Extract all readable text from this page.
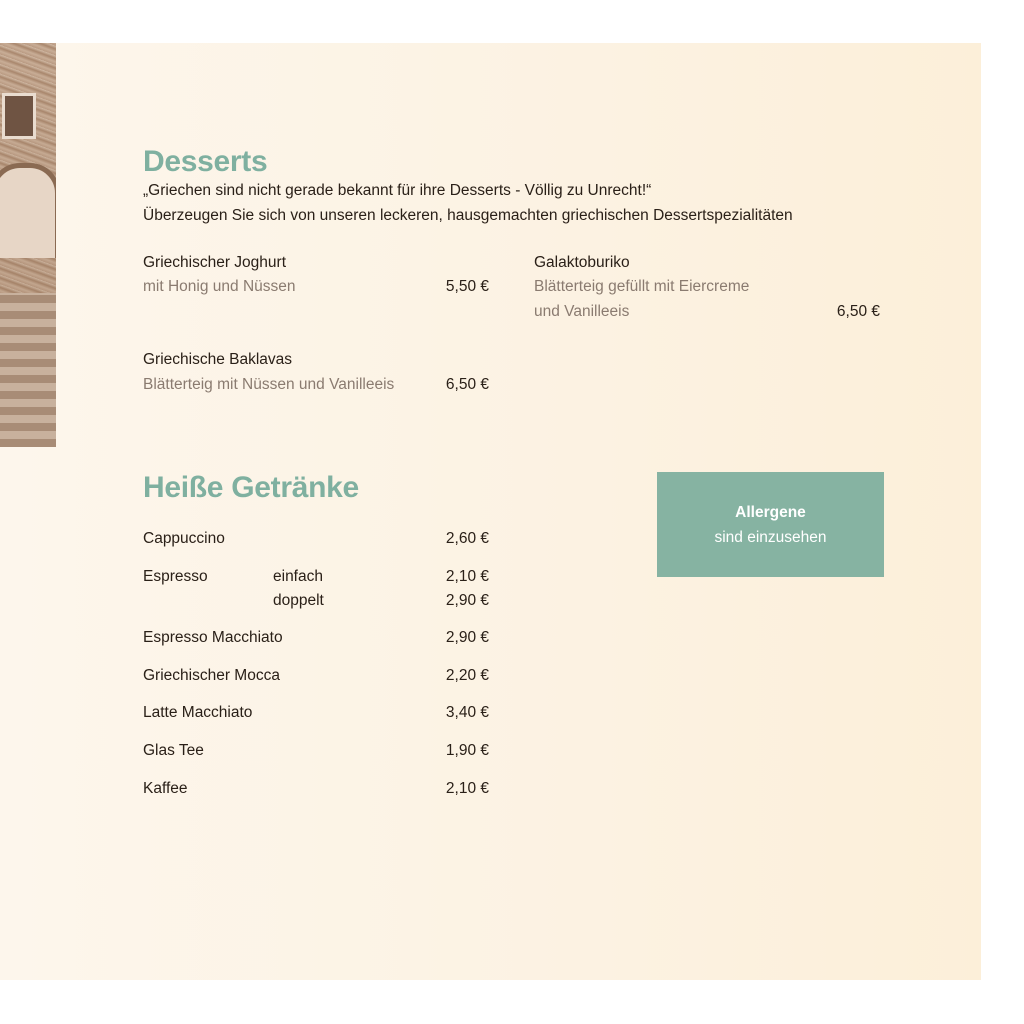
Desserts

„Griechen sind nicht gerade bekannt für ihre Desserts - Völlig zu Unrecht!“

Überzeugen Sie sich von unseren leckeren, hausgemachten griechischen Dessertspezialitäten

Griechischer Joghurt

mit Honig und Nüssen	5,50 €

Galaktoburiko

Blätterteig gefüllt mit Eiercreme

und Vanilleeis	6,50 €

Griechische Baklavas

Blätterteig mit Nüssen und Vanilleeis	6,50 €

Heiße Getränke

Cappuccino	2,60 €

Espresso	einfach	2,10 €

doppelt	2,90 €

Espresso Macchiato	2,90 €

Griechischer Mocca	2,20 €

Latte Macchiato	3,40 €

Glas Tee	1,90 €

Kaffee	2,10 €

Allergene
sind einzusehen
